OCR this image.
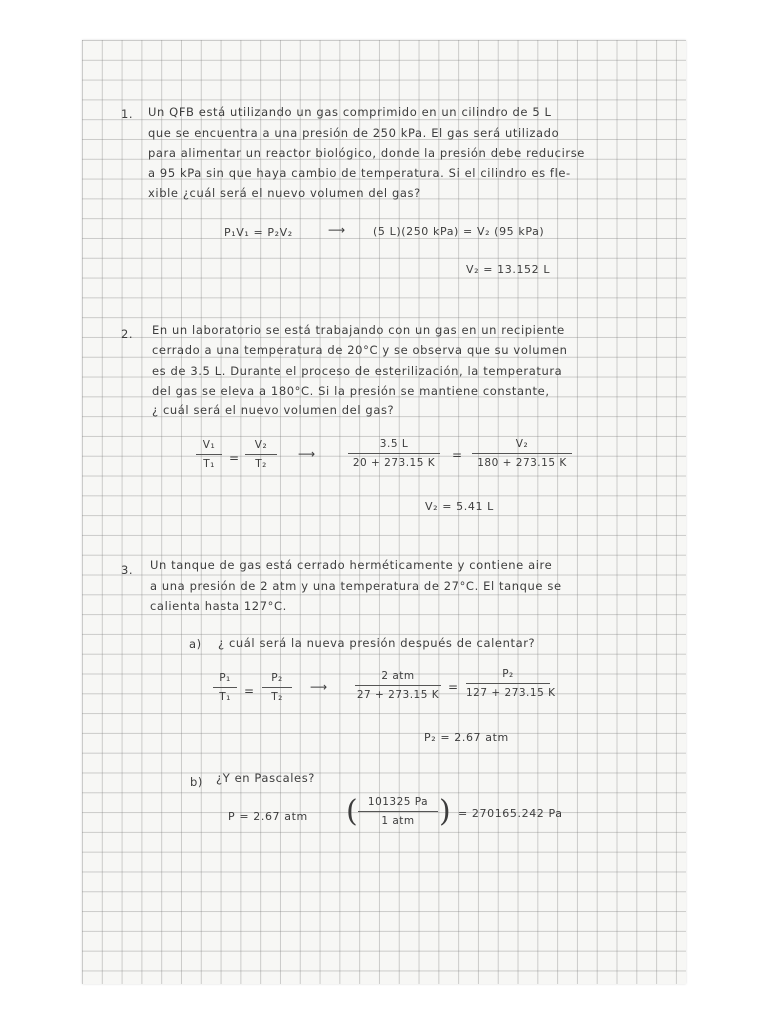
1. Un QFB está utilizando un gas comprimido en un cilindro de 5 L
que se encuentra a una presión de 250 kPa. El gas será utilizado
para alimentar un reactor biológico, donde la presión debe reducirse
a 95 kPa sin que haya cambio de temperatura. Si el cilindro es fle-
xible ¿cuál será el nuevo volumen del gas?
P₁V₁ = P₂V₂	⟶	(5 L)(250 kPa) = V₂ (95 kPa)
V₂ = 13.152 L
2. En un laboratorio se está trabajando con un gas en un recipiente
cerrado a una temperatura de 20°C y se observa que su volumen
es de 3.5 L. Durante el proceso de esterilización, la temperatura
del gas se eleva a 180°C. Si la presión se mantiene constante,
¿ cuál será el nuevo volumen del gas?
V₁
T₁	=
V₂
T₂
⟶
3.5 L
20 + 273.15 K
=
V₂
180 + 273.15 K
V₂ = 5.41 L
3. Un tanque de gas está cerrado herméticamente y contiene aire
a una presión de 2 atm y una temperatura de 27°C. El tanque se
calienta hasta 127°C.
a) ¿ cuál será la nueva presión después de calentar?
P₁
T₁	=
P₂
T₂
⟶
2 atm
27 + 273.15 K
=
P₂
127 + 273.15 K
P₂ = 2.67 atm
b) ¿Y en Pascales?
P = 2.67 atm ( 101325 Pa
1 atm ) = 270165.242 Pa
